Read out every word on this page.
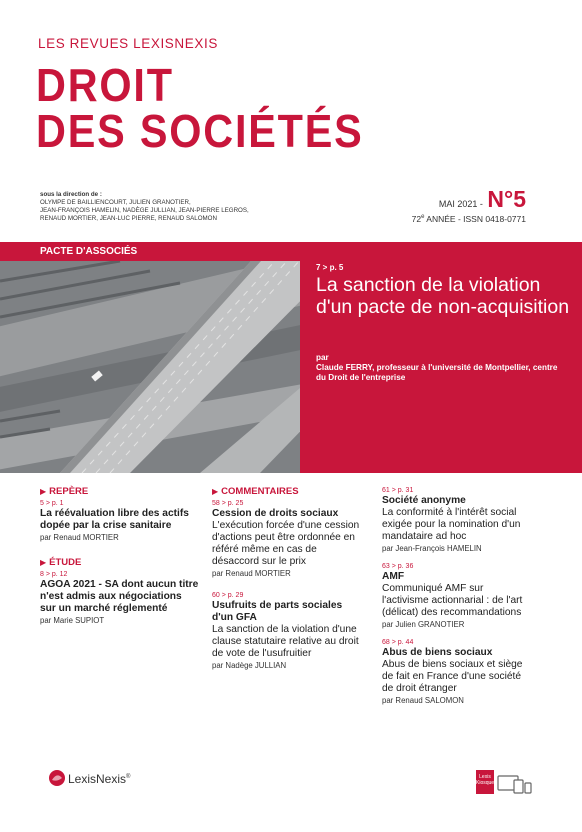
LES REVUES LEXISNEXIS
DROIT
DES SOCIÉTÉS
sous la direction de :
OLYMPE DE BAILLIENCOURT, JULIEN GRANOTIER,
JEAN-FRANÇOIS HAMELIN, NADÈGE JULLIAN, JEAN-PIERRE LEGROS,
RENAUD MORTIER, JEAN-LUC PIERRE, RENAUD SALOMON
MAI 2021 - N°5
72e ANNÉE - ISSN 0418-0771
PACTE D'ASSOCIÉS
7 > p. 5
La sanction de la violation d'un pacte de non-acquisition
par
Claude FERRY, professeur à l'université de Montpellier, centre du Droit de l'entreprise
▶ REPÈRE
5 > p. 1
La réévaluation libre des actifs dopée par la crise sanitaire
par Renaud MORTIER
▶ ÉTUDE
8 > p. 12
AGOA 2021 - SA dont aucun titre n'est admis aux négociations sur un marché réglementé
par Marie SUPIOT
▶ COMMENTAIRES
58 > p. 25
Cession de droits sociaux
L'exécution forcée d'une cession d'actions peut être ordonnée en référé même en cas de désaccord sur le prix
par Renaud MORTIER
60 > p. 29
Usufruits de parts sociales d'un GFA
La sanction de la violation d'une clause statutaire relative au droit de vote de l'usufruitier
par Nadège JULLIAN
61 > p. 31
Société anonyme
La conformité à l'intérêt social exigée pour la nomination d'un mandataire ad hoc
par Jean-François HAMELIN
63 > p. 36
AMF
Communiqué AMF sur l'activisme actionnarial : de l'art (délicat) des recommandations
par Julien GRANOTIER
68 > p. 44
Abus de biens sociaux
Abus de biens sociaux et siège de fait en France d'une société de droit étranger
par Renaud SALOMON
LexisNexis®	Lexis
Kiosque
